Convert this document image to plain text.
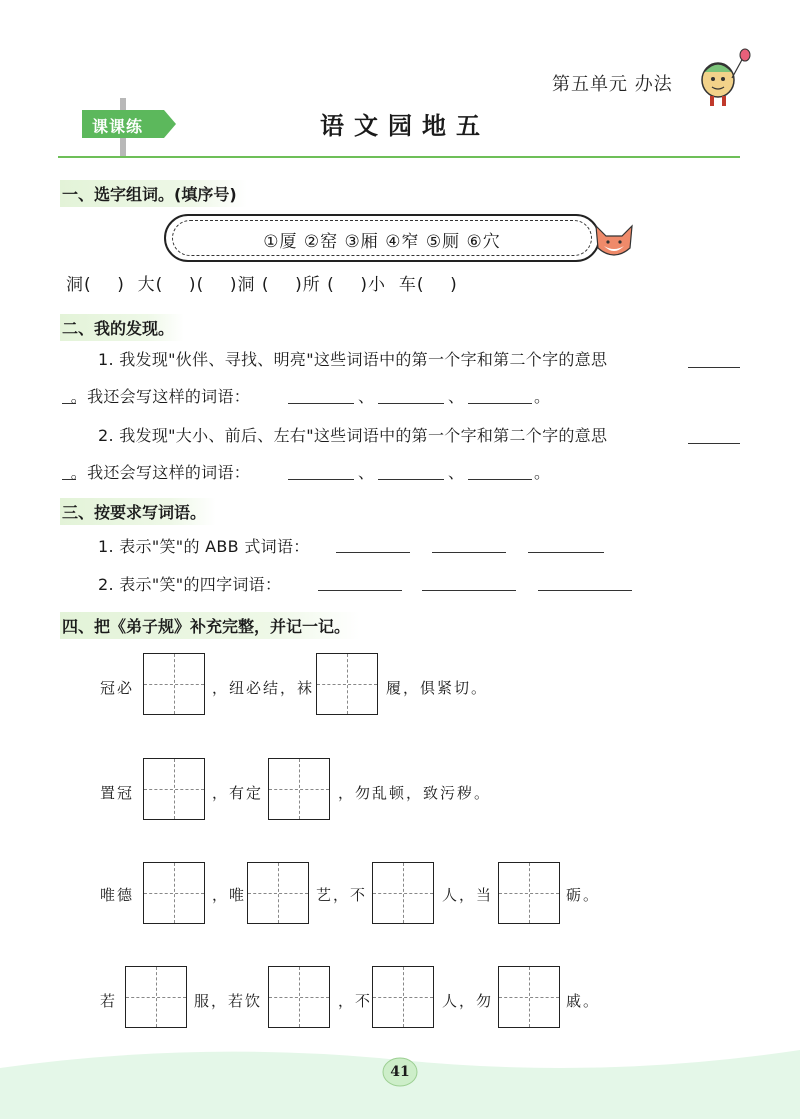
第五单元 办法
课课练	语文园地五
一、选字组词。(填序号)
①厦 ②窑 ③厢 ④窄 ⑤厕 ⑥穴
洞(    )  大(    )(    )洞 (    )所 (    )小  车(    )
二、我的发现。
1. 我发现"伙伴、寻找、明亮"这些词语中的第一个字和第二个字的意思
。我还会写这样的词语：	、	、	。
2. 我发现"大小、前后、左右"这些词语中的第一个字和第二个字的意思
。我还会写这样的词语：	、	、	。
三、按要求写词语。
1. 表示"笑"的 ABB 式词语：
2. 表示"笑"的四字词语：
四、把《弟子规》补充完整，并记一记。
冠必	，纽必结，袜	履，俱紧切。
置冠	，有定	，勿乱顿，致污秽。
唯德	，唯	艺，不	人，当	砺。
若	服，若饮	，不	人，勿	戚。
41
